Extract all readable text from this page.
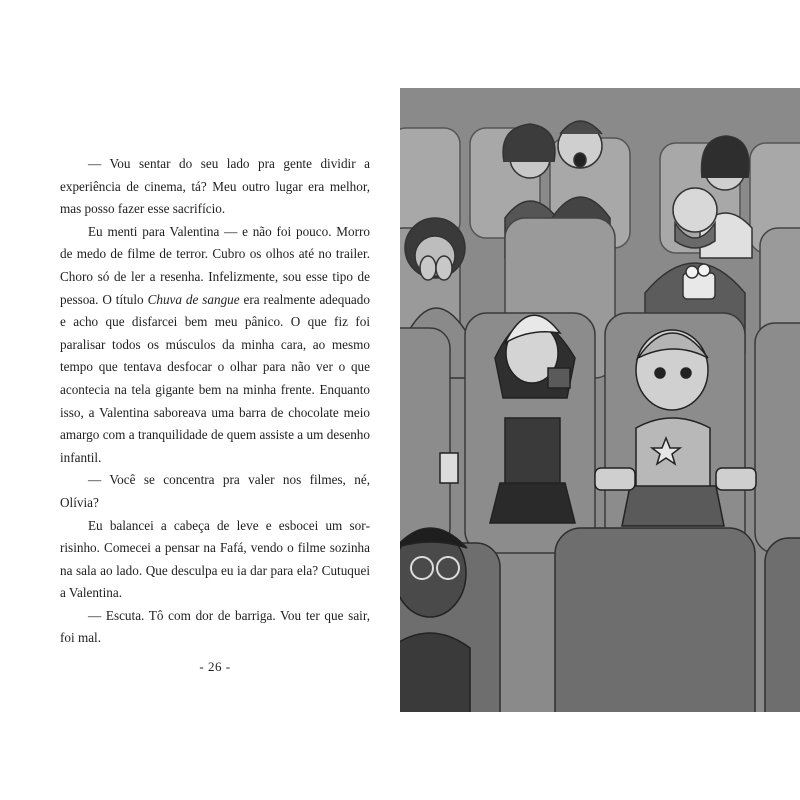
— Vou sentar do seu lado pra gente dividir a experiência de cinema, tá? Meu outro lugar era melhor, mas posso fazer esse sacrifício.

Eu menti para Valentina — e não foi pouco. Morro de medo de filme de terror. Cubro os olhos até no trailer. Choro só de ler a resenha. Infelizmente, sou esse tipo de pessoa. O título Chuva de sangue era realmente adequado e acho que disfarcei bem meu pânico. O que fiz foi paralisar todos os músculos da minha cara, ao mesmo tempo que tentava desfocar o olhar para não ver o que acontecia na tela gigante bem na minha frente. Enquanto isso, a Valentina saboreava uma barra de chocolate meio amargo com a tranquilidade de quem assiste a um desenho infantil.

— Você se concentra pra valer nos filmes, né, Olívia?

Eu balancei a cabeça de leve e esbocei um sorrisinho. Comecei a pensar na Fafá, vendo o filme sozinha na sala ao lado. Que desculpa eu ia dar para ela? Cutuquei a Valentina.

— Escuta. Tô com dor de barriga. Vou ter que sair, foi mal.

- 26 -
